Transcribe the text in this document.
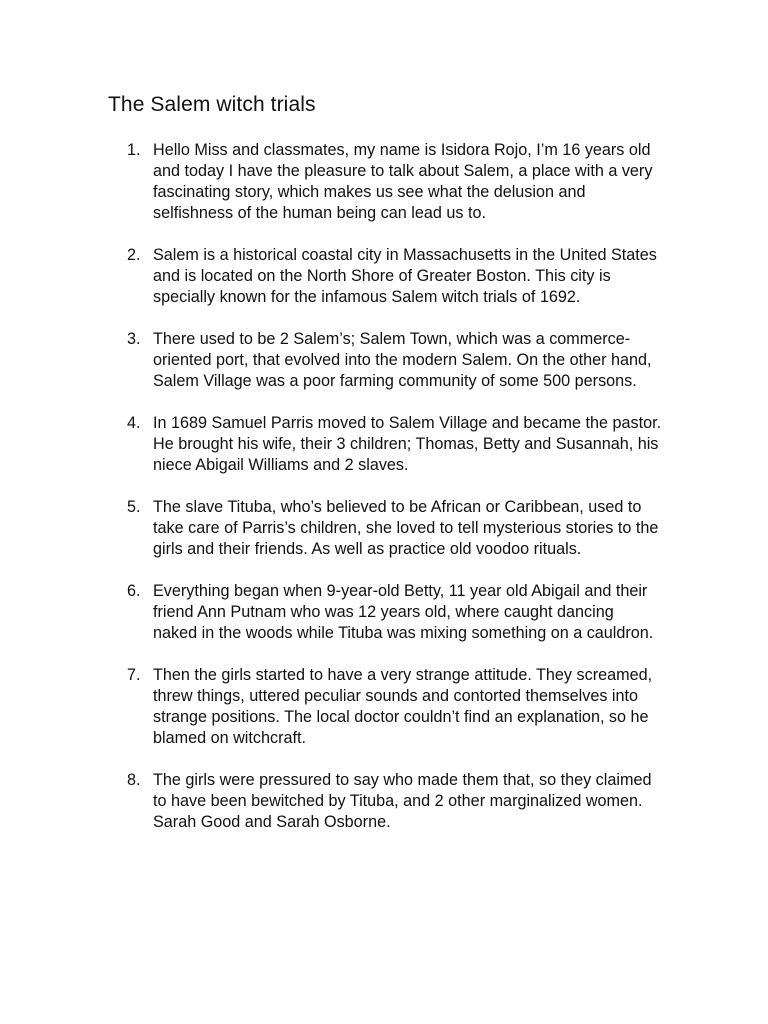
The Salem witch trials
1. Hello Miss and classmates, my name is Isidora Rojo, I’m 16 years old and today I have the pleasure to talk about Salem, a place with a very fascinating story, which makes us see what the delusion and selfishness of the human being can lead us to.
2. Salem is a historical coastal city in Massachusetts in the United States and is located on the North Shore of Greater Boston. This city is specially known for the infamous Salem witch trials of 1692.
3. There used to be 2 Salem’s; Salem Town, which was a commerce-oriented port, that evolved into the modern Salem. On the other hand, Salem Village was a poor farming community of some 500 persons.
4. In 1689 Samuel Parris moved to Salem Village and became the pastor. He brought his wife, their 3 children; Thomas, Betty and Susannah, his niece Abigail Williams and 2 slaves.
5. The slave Tituba, who’s believed to be African or Caribbean, used to take care of Parris’s children, she loved to tell mysterious stories to the girls and their friends. As well as practice old voodoo rituals.
6. Everything began when 9-year-old Betty, 11 year old Abigail and their friend Ann Putnam who was 12 years old, where caught dancing naked in the woods while Tituba was mixing something on a cauldron.
7. Then the girls started to have a very strange attitude. They screamed, threw things, uttered peculiar sounds and contorted themselves into strange positions. The local doctor couldn’t find an explanation, so he blamed on witchcraft.
8. The girls were pressured to say who made them that, so they claimed to have been bewitched by Tituba, and 2 other marginalized women. Sarah Good and Sarah Osborne.
